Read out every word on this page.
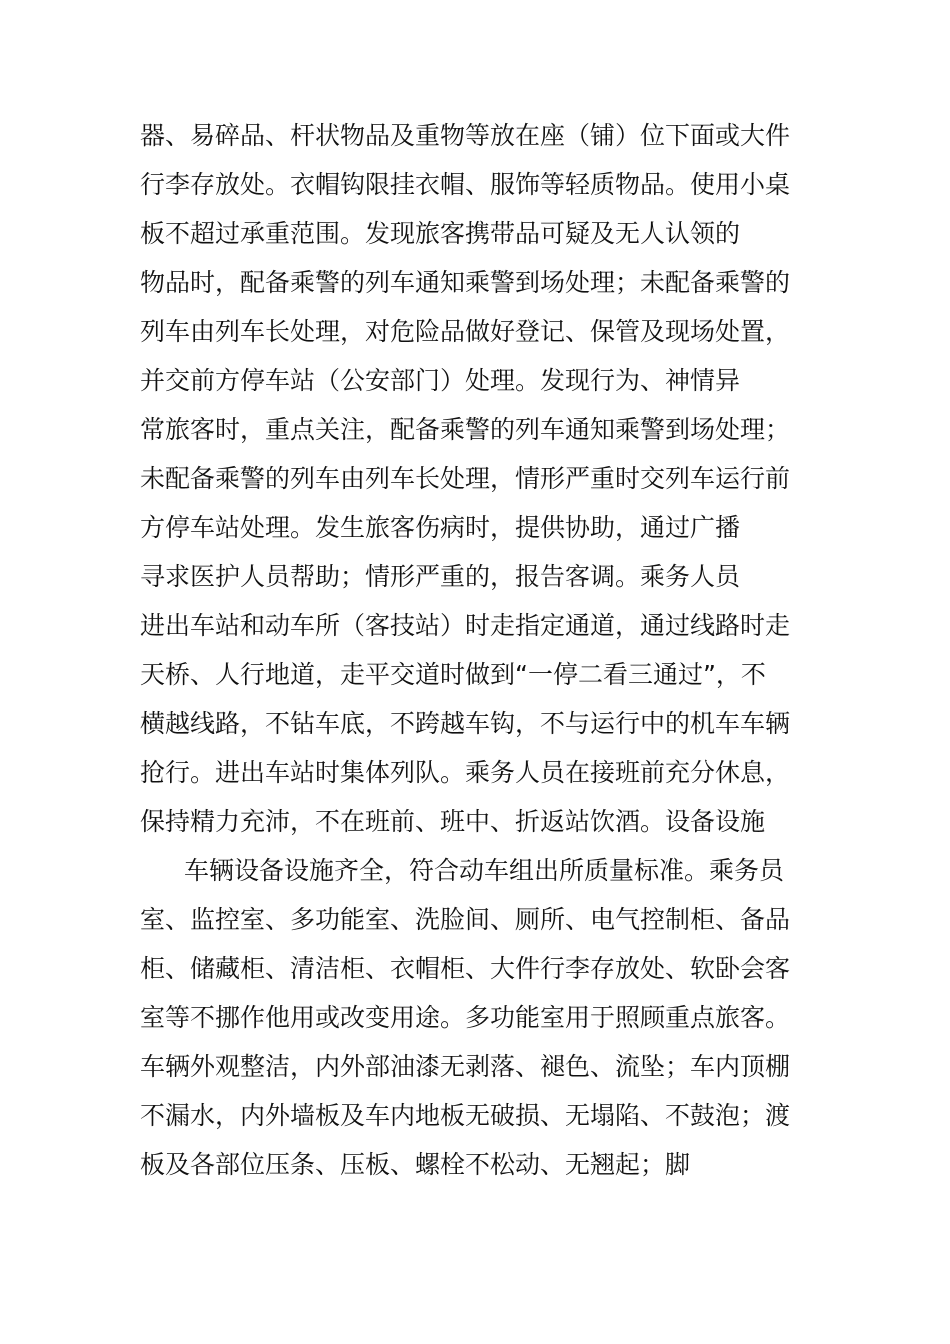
器、易碎品、杆状物品及重物等放在座（铺）位下面或大件
行李存放处。衣帽钩限挂衣帽、服饰等轻质物品。使用小桌
板不超过承重范围。发现旅客携带品可疑及无人认领的
物品时，配备乘警的列车通知乘警到场处理；未配备乘警的
列车由列车长处理，对危险品做好登记、保管及现场处置，
并交前方停车站（公安部门）处理。发现行为、神情异
常旅客时，重点关注，配备乘警的列车通知乘警到场处理；
未配备乘警的列车由列车长处理，情形严重时交列车运行前
方停车站处理。发生旅客伤病时，提供协助，通过广播
寻求医护人员帮助；情形严重的，报告客调。乘务人员
进出车站和动车所（客技站）时走指定通道，通过线路时走
天桥、人行地道，走平交道时做到“一停二看三通过”，不
横越线路，不钻车底，不跨越车钩，不与运行中的机车车辆
抢行。进出车站时集体列队。乘务人员在接班前充分休息，
保持精力充沛，不在班前、班中、折返站饮酒。设备设施
车辆设备设施齐全，符合动车组出所质量标准。乘务员
室、监控室、多功能室、洗脸间、厕所、电气控制柜、备品
柜、储藏柜、清洁柜、衣帽柜、大件行李存放处、软卧会客
室等不挪作他用或改变用途。多功能室用于照顾重点旅客。
车辆外观整洁，内外部油漆无剥落、褪色、流坠；车内顶棚
不漏水，内外墙板及车内地板无破损、无塌陷、不鼓泡；渡
板及各部位压条、压板、螺栓不松动、无翘起；脚
